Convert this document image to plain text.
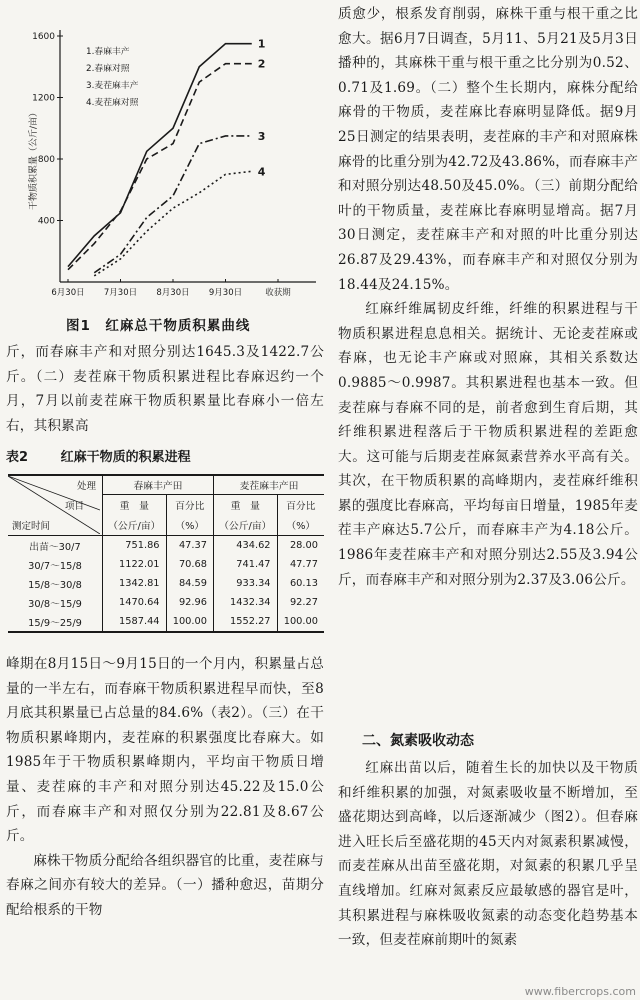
400
800
1200
1600
6月30日 7月30日 8月30日 9月30日	收获期
干物质积累量（公斤/亩）
1
2
3
4
1.春麻丰产
2.春麻对照
3.麦茬麻丰产
4.麦茬麻对照
图1　红麻总干物质积累曲线

斤，而春麻丰产和对照分别达1645.3及1422.7公斤。（二）麦茬麻干物质积累进程比春麻迟约一个月，7月以前麦茬麻干物质积累量比春麻小一倍左右，其积累高

表2	红麻干物质的积累进程
处理
项目
测定时间	春麻丰产田		麦茬麻丰产田	
	重　量	百分比	重　量	百分比
	（公斤/亩）	（%）	（公斤/亩）	（%）
出苗～30/7	751.86	47.37	434.62	28.00
30/7～15/8	1122.01	70.68	741.47	47.77
15/8～30/8	1342.81	84.59	933.34	60.13
30/8～15/9	1470.64	92.96	1432.34	92.27
15/9～25/9	1587.44	100.00	1552.27	100.00

峰期在8月15日～9月15日的一个月内，积累量占总量的一半左右，而春麻干物质积累进程早而快，至8月底其积累量已占总量的84.6%（表2）。（三）在干物质积累峰期内，麦茬麻的积累强度比春麻大。如1985年于干物质积累峰期内，平均亩干物质日增量、麦茬麻的丰产和对照分别达45.22及15.0公斤，而春麻丰产和对照仅分别为22.81及8.67公斤。

麻株干物质分配给各组织器官的比重，麦茬麻与春麻之间亦有较大的差异。（一）播种愈迟，苗期分配给根系的干物

质愈少，根系发育削弱，麻株干重与根干重之比愈大。据6月7日调查，5月11、5月21及5月3日播种的，其麻株干重与根干重之比分别为0.52、0.71及1.69。（二）整个生长期内，麻株分配给麻骨的干物质，麦茬麻比春麻明显降低。据9月25日测定的结果表明，麦茬麻的丰产和对照麻株麻骨的比重分别为42.72及43.86%，而春麻丰产和对照分别达48.50及45.0%。（三）前期分配给叶的干物质量，麦茬麻比春麻明显增高。据7月30日测定，麦茬麻丰产和对照的叶比重分别达26.87及29.43%，而春麻丰产和对照仅分别为18.44及24.15%。

红麻纤维属韧皮纤维，纤维的积累进程与干物质积累进程息息相关。据统计、无论麦茬麻或春麻，也无论丰产麻或对照麻，其相关系数达0.9885～0.9987。其积累进程也基本一致。但麦茬麻与春麻不同的是，前者愈到生育后期，其纤维积累进程落后于干物质积累进程的差距愈大。这可能与后期麦茬麻氮素营养水平高有关。其次，在干物质积累的高峰期内，麦茬麻纤维积累的强度比春麻高，平均每亩日增量，1985年麦茬丰产麻达5.7公斤，而春麻丰产为4.18公斤。1986年麦茬麻丰产和对照分别达2.55及3.94公斤，而春麻丰产和对照分别为2.37及3.06公斤。

二、氮素吸收动态

红麻出苗以后，随着生长的加快以及干物质和纤维积累的加强，对氮素吸收量不断增加，至盛花期达到高峰，以后逐渐减少（图2）。但春麻进入旺长后至盛花期的45天内对氮素积累减慢，而麦茬麻从出苗至盛花期，对氮素的积累几乎呈直线增加。红麻对氮素反应最敏感的器官是叶，其积累进程与麻株吸收氮素的动态变化趋势基本一致，但麦茬麻前期叶的氮素

www.fibercrops.com
